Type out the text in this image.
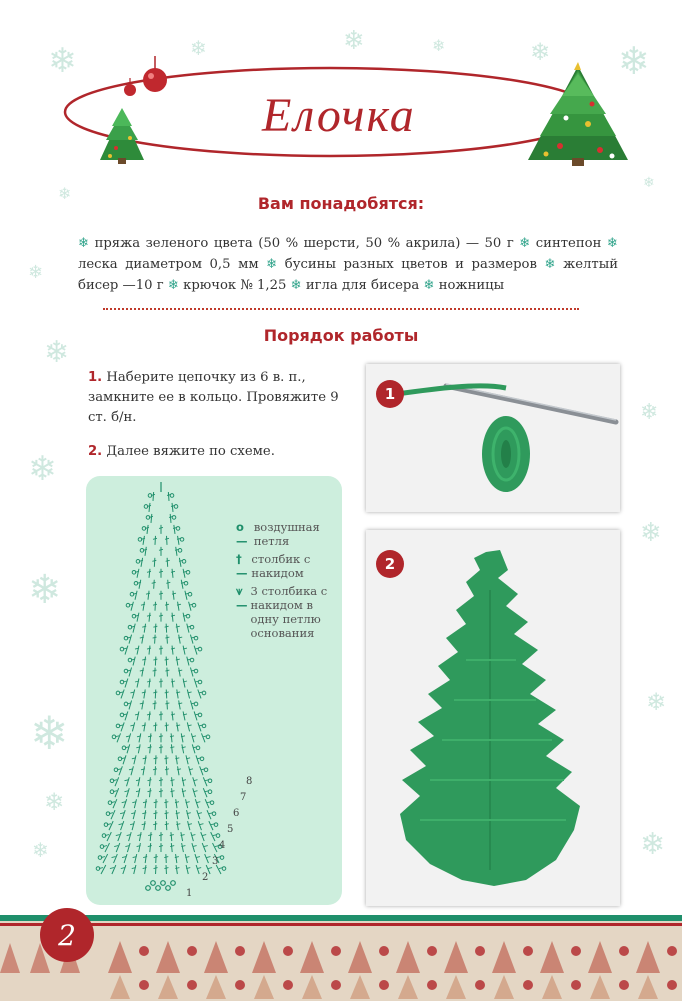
❄	❄	❄	❄	❄ ❄
❄
❄
❄
❄
❄
❄
❄
❄
❄
❄
❄
❄
❄
Елочка
Вам понадобятся:
❄ пряжа зеленого цвета (50 % шерсти, 50 % акрила) — 50 г ❄ синтепон ❄ леска диаметром 0,5 мм ❄ бусины разных цветов и размеров ❄ желтый бисер —10 г ❄ крючок № 1,25 ❄ игла для бисера ❄ ножницы
Порядок работы
1. Наберите цепочку из 6 в. п., замкните ее в кольцо. Провяжите 9 ст. б/н.
2. Далее вяжите по схеме.
1
2
3
4
5
6
7
8
o—
воздушная петля
†—
столбик с накидом
⩛—
3 столбика с накидом в одну петлю основания
1
2
2
